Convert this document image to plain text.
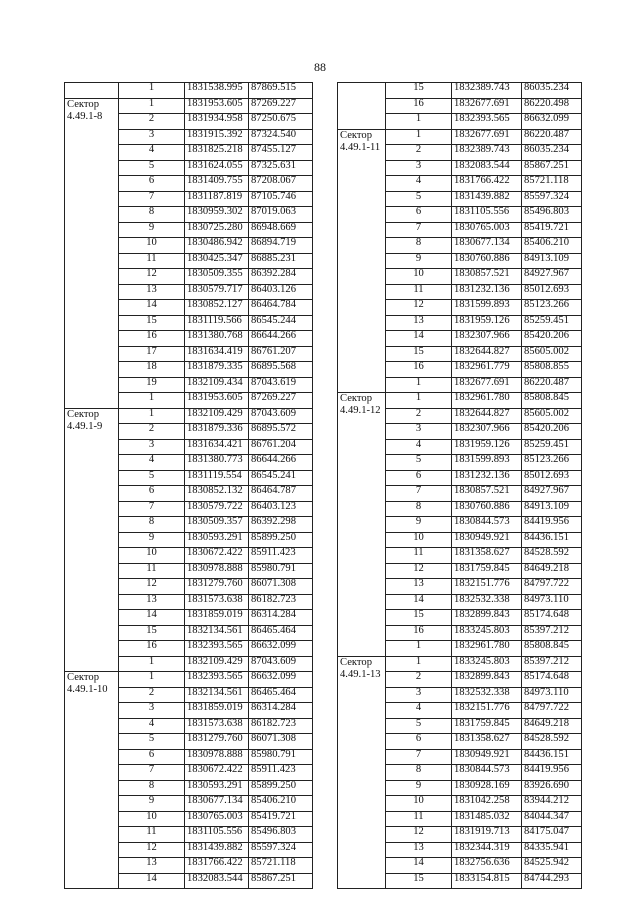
88
	1	1831538.995	87869.515
Сектор 4.49.1-8	1	1831953.605	87269.227
	2	1831934.958	87250.675
	3	1831915.392	87324.540
	4	1831825.218	87455.127
	5	1831624.055	87325.631
	6	1831409.755	87208.067
	7	1831187.819	87105.746
	8	1830959.302	87019.063
	9	1830725.280	86948.669
	10	1830486.942	86894.719
	11	1830425.347	86885.231
	12	1830509.355	86392.284
	13	1830579.717	86403.126
	14	1830852.127	86464.784
	15	1831119.566	86545.244
	16	1831380.768	86644.266
	17	1831634.419	86761.207
	18	1831879.335	86895.568
	19	1832109.434	87043.619
	1	1831953.605	87269.227
Сектор 4.49.1-9	1	1832109.429	87043.609
	2	1831879.336	86895.572
	3	1831634.421	86761.204
	4	1831380.773	86644.266
	5	1831119.554	86545.241
	6	1830852.132	86464.787
	7	1830579.722	86403.123
	8	1830509.357	86392.298
	9	1830593.291	85899.250
	10	1830672.422	85911.423
	11	1830978.888	85980.791
	12	1831279.760	86071.308
	13	1831573.638	86182.723
	14	1831859.019	86314.284
	15	1832134.561	86465.464
	16	1832393.565	86632.099
	1	1832109.429	87043.609
Сектор 4.49.1-10	1	1832393.565	86632.099
	2	1832134.561	86465.464
	3	1831859.019	86314.284
	4	1831573.638	86182.723
	5	1831279.760	86071.308
	6	1830978.888	85980.791
	7	1830672.422	85911.423
	8	1830593.291	85899.250
	9	1830677.134	85406.210
	10	1830765.003	85419.721
	11	1831105.556	85496.803
	12	1831439.882	85597.324
	13	1831766.422	85721.118
	14	1832083.544	85867.251
	15	1832389.743	86035.234
	16	1832677.691	86220.498
	1	1832393.565	86632.099
Сектор 4.49.1-11	1	1832677.691	86220.487
	2	1832389.743	86035.234
	3	1832083.544	85867.251
	4	1831766.422	85721.118
	5	1831439.882	85597.324
	6	1831105.556	85496.803
	7	1830765.003	85419.721
	8	1830677.134	85406.210
	9	1830760.886	84913.109
	10	1830857.521	84927.967
	11	1831232.136	85012.693
	12	1831599.893	85123.266
	13	1831959.126	85259.451
	14	1832307.966	85420.206
	15	1832644.827	85605.002
	16	1832961.779	85808.855
	1	1832677.691	86220.487
Сектор 4.49.1-12	1	1832961.780	85808.845
	2	1832644.827	85605.002
	3	1832307.966	85420.206
	4	1831959.126	85259.451
	5	1831599.893	85123.266
	6	1831232.136	85012.693
	7	1830857.521	84927.967
	8	1830760.886	84913.109
	9	1830844.573	84419.956
	10	1830949.921	84436.151
	11	1831358.627	84528.592
	12	1831759.845	84649.218
	13	1832151.776	84797.722
	14	1832532.338	84973.110
	15	1832899.843	85174.648
	16	1833245.803	85397.212
	1	1832961.780	85808.845
Сектор 4.49.1-13	1	1833245.803	85397.212
	2	1832899.843	85174.648
	3	1832532.338	84973.110
	4	1832151.776	84797.722
	5	1831759.845	84649.218
	6	1831358.627	84528.592
	7	1830949.921	84436.151
	8	1830844.573	84419.956
	9	1830928.169	83926.690
	10	1831042.258	83944.212
	11	1831485.032	84044.347
	12	1831919.713	84175.047
	13	1832344.319	84335.941
	14	1832756.636	84525.942
	15	1833154.815	84744.293
